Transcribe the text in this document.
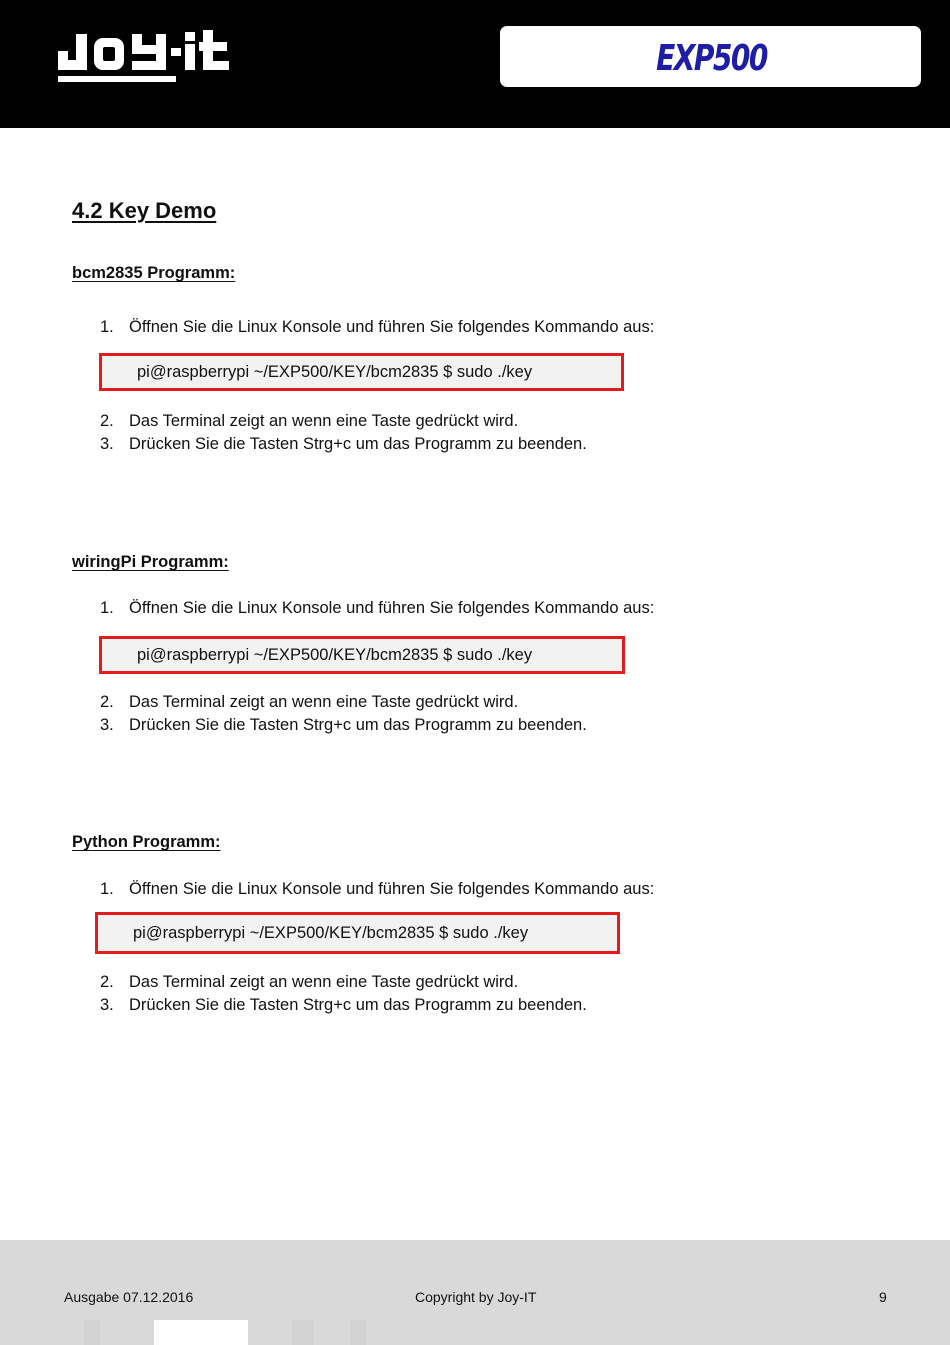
EXP500
4.2 Key Demo
bcm2835 Programm:
1. Öffnen Sie die Linux Konsole und führen Sie folgendes Kommando aus:
pi@raspberrypi ~/EXP500/KEY/bcm2835 $ sudo ./key
2. Das Terminal zeigt an wenn eine Taste gedrückt wird.
3. Drücken Sie die Tasten Strg+c um das Programm zu beenden.
wiringPi Programm:
1. Öffnen Sie die Linux Konsole und führen Sie folgendes Kommando aus:
pi@raspberrypi ~/EXP500/KEY/bcm2835 $ sudo ./key
2. Das Terminal zeigt an wenn eine Taste gedrückt wird.
3. Drücken Sie die Tasten Strg+c um das Programm zu beenden.
Python Programm:
1. Öffnen Sie die Linux Konsole und führen Sie folgendes Kommando aus:
pi@raspberrypi ~/EXP500/KEY/bcm2835 $ sudo ./key
2. Das Terminal zeigt an wenn eine Taste gedrückt wird.
3. Drücken Sie die Tasten Strg+c um das Programm zu beenden.
Ausgabe 07.12.2016	Copyright by Joy-IT	9
